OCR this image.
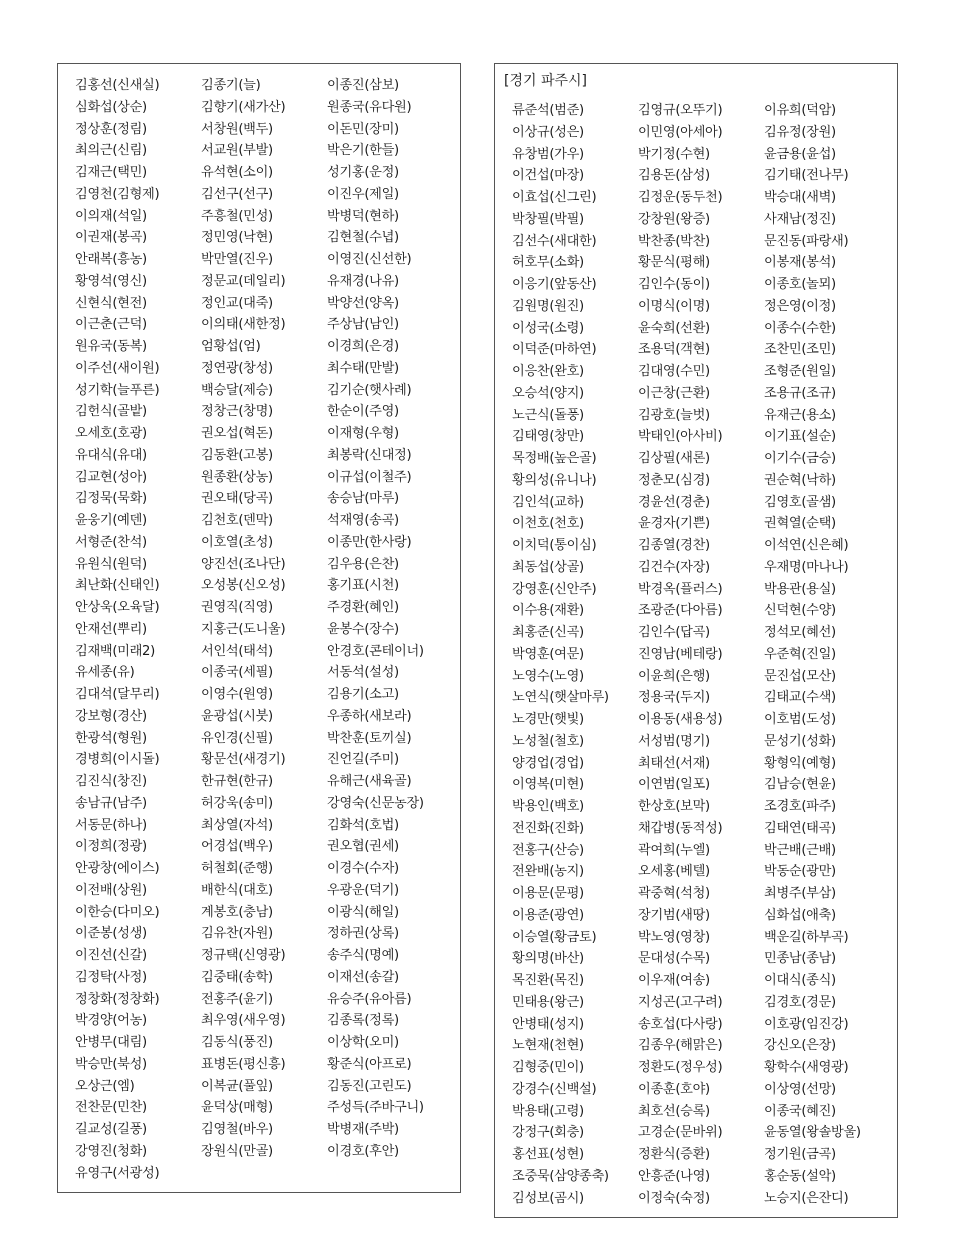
김홍선(신새실)	김종기(늘)	이종진(삼보)
심화섭(상순)	김향기(새가산)	원종국(유다원)
정상훈(정림)	서창원(백두)	이돈민(장미)
최의근(신림)	서교원(부발)	박은기(한들)
김재근(택민)	유석현(소이)	성기홍(운정)
김영천(김형제)	김선구(선구)	이진우(제일)
이의재(석일)	주흥철(민성)	박병덕(현하)
이권재(봉곡)	정민영(낙현)	김현철(수녑)
안래복(흥농)	박만열(진우)	이영진(신선한)
황영석(영신)	정문교(데일리)	유재경(나유)
신현식(현전)	정인교(대죽)	박양선(양옥)
이근춘(근덕)	이의태(새한정)	주상남(남인)
원유국(동복)	엄황섭(엄)	이경희(은경)
이주선(새이원)	정연광(창성)	최수태(만발)
성기학(늘푸른)	백승달(제승)	김기순(햇사례)
김헌식(골밭)	정창근(창명)	한순이(주영)
오세호(호광)	권오섭(혁돈)	이재형(우형)
유대식(유대)	김동환(고봉)	최봉락(신대정)
김교현(성아)	원종환(상농)	이규섭(이철주)
김정묵(묵화)	권오태(당곡)	송승남(마루)
윤웅기(예덴)	김천호(덴막)	석재영(송곡)
서형준(찬석)	이호열(초성)	이종만(한사랑)
유원식(원덕)	양진선(조나단)	김우용(은찬)
최난화(신태인)	오성봉(신오성)	홍기표(시천)
안상욱(오육달)	권영직(직영)	주경환(혜인)
안재선(뿌리)	지홍근(도니울)	윤봉수(장수)
김재백(미래2)	서인석(태석)	안경호(콘테이너)
유세종(유)	이종국(세필)	서동석(설성)
김대석(달무리)	이영수(원영)	김용기(소고)
강보형(경산)	윤광섭(시붓)	우종하(새보라)
한광석(형원)	유인경(신필)	박찬훈(토끼실)
경병희(이시돌)	황문선(새경기)	진언길(주미)
김진식(창진)	한규현(한규)	유해근(새육골)
송남규(남주)	허강욱(송미)	강영숙(신문농장)
서동문(하나)	최상열(자석)	김화석(호법)
이정희(정광)	어경섭(백우)	권오협(권세)
안광창(에이스)	허철회(준행)	이경수(수자)
이전배(상원)	배한식(대호)	우광운(덕기)
이한승(다미오)	계봉호(충남)	이광식(해일)
이준봉(성생)	김유찬(자원)	정하권(상록)
이진선(신갈)	정규택(신영광)	송주식(명예)
김정탁(사정)	김중태(송학)	이재선(송갈)
정창화(정창화)	전홍주(윤기)	유승주(유아름)
박경양(어농)	최우영(새우영)	김종록(정록)
안병무(대림)	김동식(풍진)	이상학(오미)
박승만(북성)	표병돈(평신흥)	황준식(아프로)
오상근(엠)	이복균(풀잎)	김동진(고린도)
전찬문(민찬)	윤덕상(매형)	주성득(주바구니)
길교성(길풍)	김영철(바우)	박병재(주박)
강영진(청화)	장원식(만골)	이경호(후안)
유영구(서광성)
[경기 파주시]
류준석(범준)	김영규(오뚜기)	이유희(덕암)
이상규(성은)	이민영(아세아)	김유정(장원)
유창범(가우)	박기정(수현)	윤금용(윤섭)
이건섭(마장)	김용돈(삼성)	김기태(전나무)
이효섭(신그린)	김정운(동두천)	박승대(새벽)
박창필(박필)	강창원(왕증)	사재남(정진)
김선수(새대한)	박찬종(박찬)	문진동(파랑새)
허호무(소화)	황문식(평해)	이봉재(봉석)
이응기(앞동산)	김인수(동이)	이종호(놀뫼)
김원명(원진)	이명식(이명)	정은영(이정)
이성국(소령)	윤숙희(선환)	이종수(수한)
이덕준(마하연)	조용덕(객현)	조찬민(조민)
이응찬(완호)	김대영(수민)	조형준(원일)
오승석(양지)	이근창(근환)	조용규(조규)
노근식(돌풍)	김광호(늘벗)	유재근(용소)
김태영(창만)	박태인(아사비)	이기표(설순)
목정배(높은골)	김상필(새론)	이기수(금승)
황의성(유니나)	정춘모(심경)	권순혁(낙하)
김인석(교하)	경윤선(경춘)	김영호(골샘)
이천호(천호)	윤경자(기쁜)	권혁열(순택)
이치덕(통이심)	김종열(경찬)	이석연(신은혜)
최동섭(상골)	김건수(자장)	우재명(마나나)
강영훈(신안주)	박경옥(플러스)	박용관(용실)
이수용(재환)	조광준(다아름)	신덕현(수양)
최홍준(신곡)	김인수(답곡)	정석모(혜선)
박영훈(여문)	진영남(베테랑)	우준혁(진일)
노영수(노영)	이윤희(은행)	문진섭(모산)
노연식(햇살마루)	정용국(두지)	김태교(수색)
노경만(햇빛)	이용동(새용성)	이호범(도성)
노성철(철호)	서성범(명기)	문성기(성화)
양경업(경업)	최태선(서재)	황형익(예형)
이영복(미현)	이연범(일포)	김남승(현윤)
박용인(백호)	한상호(보막)	조경호(파주)
전진화(진화)	채갑병(동적성)	김태연(태곡)
전홍구(산승)	곽여희(누엘)	박근배(근배)
전완배(농지)	오세홍(베텔)	박동순(광만)
이용문(문평)	곽중혁(석청)	최병주(부삼)
이용준(광연)	장기범(새땅)	심화섭(애축)
이승열(황금토)	박노영(영창)	백운길(하부곡)
황의명(바산)	문대성(수목)	민종남(종남)
목진환(목진)	이우재(여송)	이대식(종식)
민태용(왕근)	지성곤(고구려)	김경호(경문)
안병태(성지)	송호섭(다사랑)	이호광(임진강)
노현재(천현)	김종우(해맑은)	강신오(은장)
김형중(민이)	정환도(정우성)	황학수(새영광)
강경수(신백설)	이종훈(호야)	이상영(선망)
박용태(고령)	최호선(승록)	이종국(혜진)
강정구(회충)	고경순(문바위)	윤동열(왕솔방울)
홍선표(성현)	정환식(증환)	정기원(금곡)
조중묵(삼양종축)	안흥준(나영)	홍순동(설악)
김성보(곰시)	이정숙(숙정)	노승지(은잔디)
